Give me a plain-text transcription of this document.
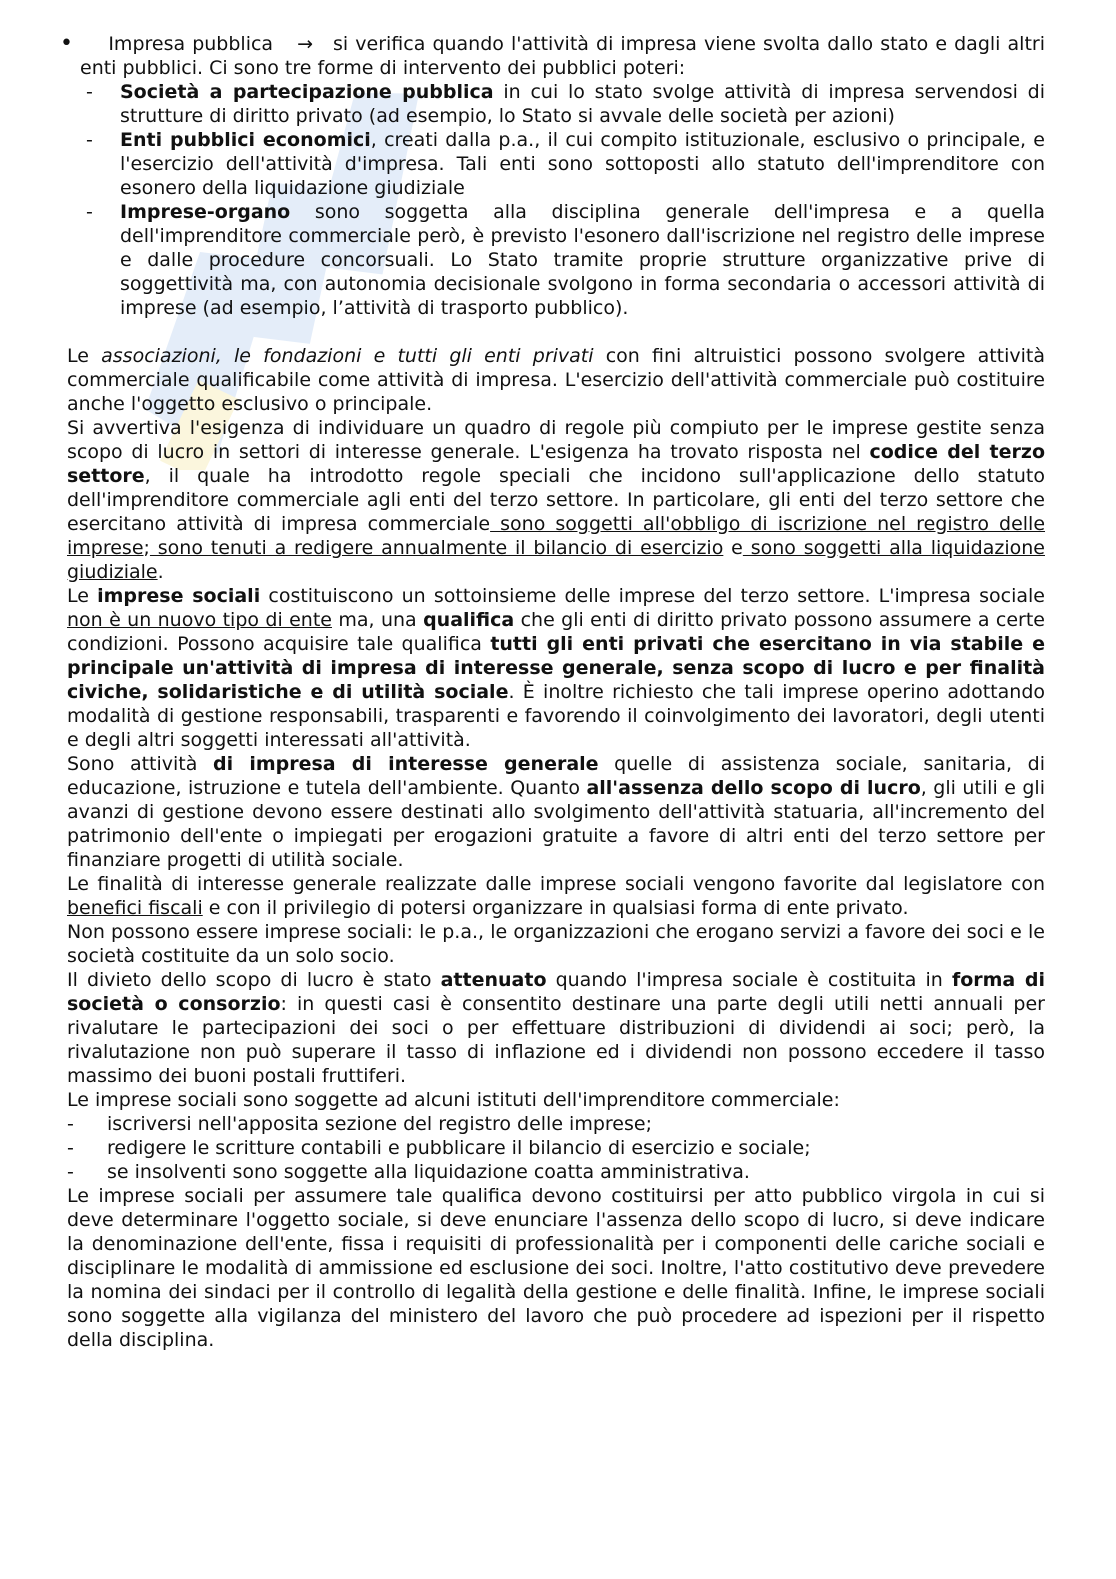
•	Impresa pubblica → si verifica quando l'attività di impresa viene svolta dallo stato e dagli altri enti pubblici. Ci sono tre forme di intervento dei pubblici poteri:

- Società a partecipazione pubblica in cui lo stato svolge attività di impresa servendosi di strutture di diritto privato (ad esempio, lo Stato si avvale delle società per azioni)
- Enti pubblici economici, creati dalla p.a., il cui compito istituzionale, esclusivo o principale, e l'esercizio dell'attività d'impresa. Tali enti sono sottoposti allo statuto dell'imprenditore con esonero della liquidazione giudiziale
- Imprese-organo sono soggetta alla disciplina generale dell'impresa e a quella dell'imprenditore commerciale però, è previsto l'esonero dall'iscrizione nel registro delle imprese e dalle procedure concorsuali. Lo Stato tramite proprie strutture organizzative prive di soggettività ma, con autonomia decisionale svolgono in forma secondaria o accessori attività di imprese (ad esempio, l’attività di trasporto pubblico).

Le associazioni, le fondazioni e tutti gli enti privati con fini altruistici possono svolgere attività commerciale qualificabile come attività di impresa. L'esercizio dell'attività commerciale può costituire anche l'oggetto esclusivo o principale.

Si avvertiva l'esigenza di individuare un quadro di regole più compiuto per le imprese gestite senza scopo di lucro in settori di interesse generale. L'esigenza ha trovato risposta nel codice del terzo settore, il quale ha introdotto regole speciali che incidono sull'applicazione dello statuto dell'imprenditore commerciale agli enti del terzo settore. In particolare, gli enti del terzo settore che esercitano attività di impresa commerciale sono soggetti all'obbligo di iscrizione nel registro delle imprese; sono tenuti a redigere annualmente il bilancio di esercizio e sono soggetti alla liquidazione giudiziale.

Le imprese sociali costituiscono un sottoinsieme delle imprese del terzo settore. L'impresa sociale non è un nuovo tipo di ente ma, una qualifica che gli enti di diritto privato possono assumere a certe condizioni. Possono acquisire tale qualifica tutti gli enti privati che esercitano in via stabile e principale un'attività di impresa di interesse generale, senza scopo di lucro e per finalità civiche, solidaristiche e di utilità sociale. È inoltre richiesto che tali imprese operino adottando modalità di gestione responsabili, trasparenti e favorendo il coinvolgimento dei lavoratori, degli utenti e degli altri soggetti interessati all'attività.

Sono attività di impresa di interesse generale quelle di assistenza sociale, sanitaria, di educazione, istruzione e tutela dell'ambiente. Quanto all'assenza dello scopo di lucro, gli utili e gli avanzi di gestione devono essere destinati allo svolgimento dell'attività statuaria, all'incremento del patrimonio dell'ente o impiegati per erogazioni gratuite a favore di altri enti del terzo settore per finanziare progetti di utilità sociale.

Le finalità di interesse generale realizzate dalle imprese sociali vengono favorite dal legislatore con benefici fiscali e con il privilegio di potersi organizzare in qualsiasi forma di ente privato.

Non possono essere imprese sociali: le p.a., le organizzazioni che erogano servizi a favore dei soci e le società costituite da un solo socio.

Il divieto dello scopo di lucro è stato attenuato quando l'impresa sociale è costituita in forma di società o consorzio: in questi casi è consentito destinare una parte degli utili netti annuali per rivalutare le partecipazioni dei soci o per effettuare distribuzioni di dividendi ai soci; però, la rivalutazione non può superare il tasso di inflazione ed i dividendi non possono eccedere il tasso massimo dei buoni postali fruttiferi.

Le imprese sociali sono soggette ad alcuni istituti dell'imprenditore commerciale:

- iscriversi nell'apposita sezione del registro delle imprese;
- redigere le scritture contabili e pubblicare il bilancio di esercizio e sociale;
- se insolventi sono soggette alla liquidazione coatta amministrativa.

Le imprese sociali per assumere tale qualifica devono costituirsi per atto pubblico virgola in cui si deve determinare l'oggetto sociale, si deve enunciare l'assenza dello scopo di lucro, si deve indicare la denominazione dell'ente, fissa i requisiti di professionalità per i componenti delle cariche sociali e disciplinare le modalità di ammissione ed esclusione dei soci. Inoltre, l'atto costitutivo deve prevedere la nomina dei sindaci per il controllo di legalità della gestione e delle finalità. Infine, le imprese sociali sono soggette alla vigilanza del ministero del lavoro che può procedere ad ispezioni per il rispetto della disciplina.
